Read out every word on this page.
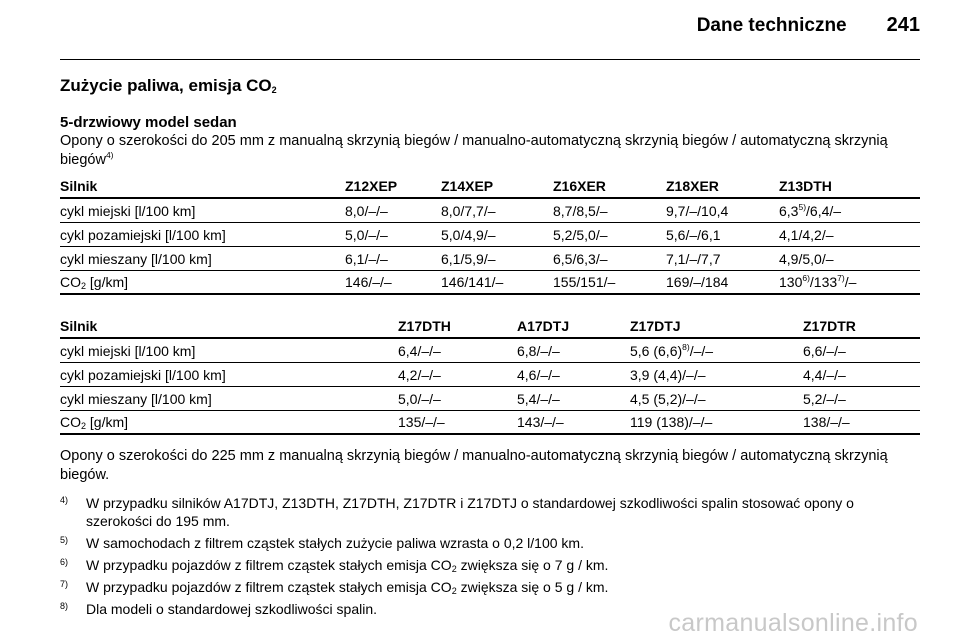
Dane techniczne 241
Zużycie paliwa, emisja $CO_2$
5-drzwiowy model sedan
Opony o szerokości do 205 mm z manualną skrzynią biegów / manualno-automatyczną skrzynią biegów / automatyczną skrzynią biegów$^{4)}$
Silnik	Z12XEP	Z14XEP	Z16XER	Z18XER	Z13DTH
cykl miejski [l/100 km]	8,0/–/–	8,0/7,7/–	8,7/8,5/–	9,7/–/10,4	6,3$^{5)}$/6,4/–
cykl pozamiejski [l/100 km]	5,0/–/–	5,0/4,9/–	5,2/5,0/–	5,6/–/6,1	4,1/4,2/–
cykl mieszany [l/100 km]	6,1/–/–	6,1/5,9/–	6,5/6,3/–	7,1/–/7,7	4,9/5,0/–
$CO_2$ [g/km]	146/–/–	146/141/–	155/151/–	169/–/184	130$^{6)}$/133$^{7)}$/–
Silnik	Z17DTH	A17DTJ	Z17DTJ	Z17DTR
cykl miejski [l/100 km]	6,4/–/–	6,8/–/–	5,6 $(6,6)^{8)}/-/-$	6,6/–/–
cykl pozamiejski [l/100 km]	4,2/–/–	4,6/–/–	3,9 (4,4)/–/–	4,4/–/–
cykl mieszany [l/100 km]	5,0/–/–	5,4/–/–	4,5 (5,2)/–/–	5,2/–/–
$CO_2$ [g/km]	135/–/–	143/–/–	119 (138)/–/–	138/–/–
Opony o szerokości do 225 mm z manualną skrzynią biegów / manualno-automatyczną skrzynią biegów / automatyczną skrzynią biegów.
4) W przypadku silników A17DTJ, Z13DTH, Z17DTH, Z17DTR i Z17DTJ o standardowej szkodliwości spalin stosować opony o szerokości do 195 mm.
5) W samochodach z filtrem cząstek stałych zużycie paliwa wzrasta o 0,2 l/100 km.
6) W przypadku pojazdów z filtrem cząstek stałych emisja $CO_2$ zwiększa się o 7 g / km.
7) W przypadku pojazdów z filtrem cząstek stałych emisja $CO_2$ zwiększa się o 5 g / km.
8) Dla modeli o standardowej szkodliwości spalin.	carmanualsonline.info
